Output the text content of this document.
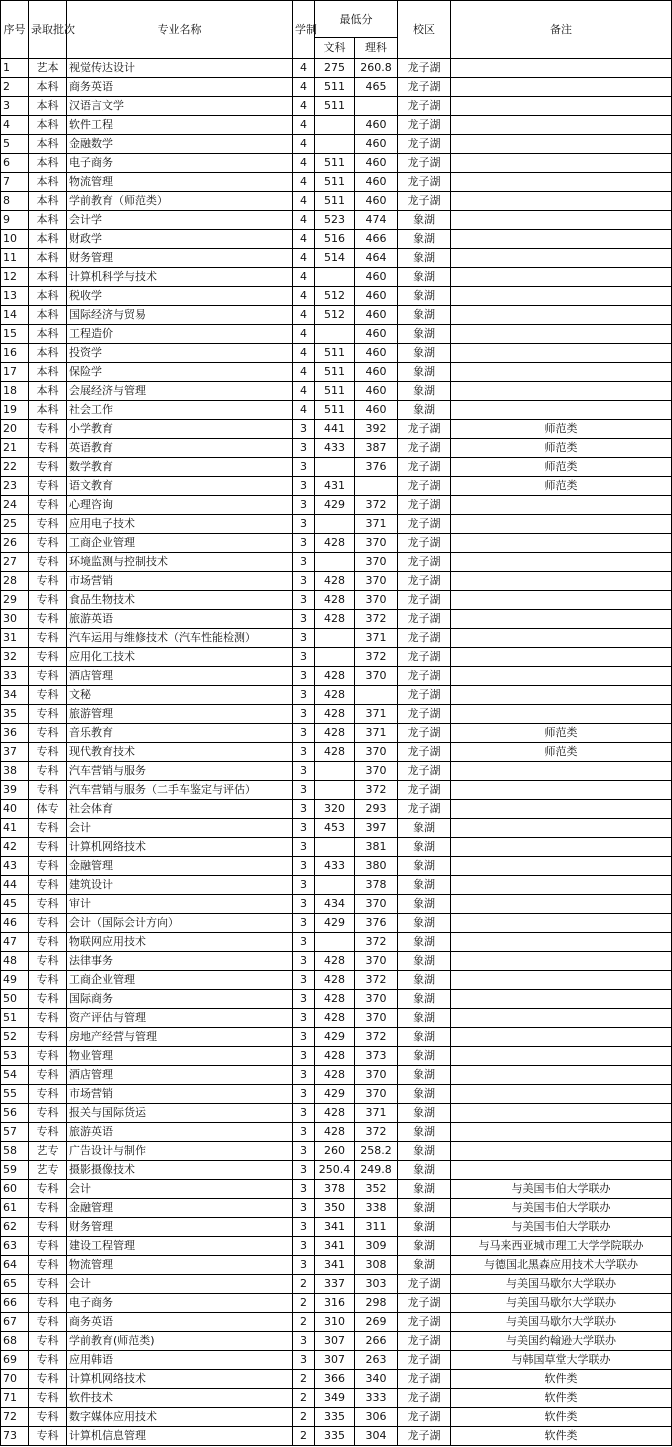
序号	录取批次	专业名称	学制	最低分		校区	备注
				文科	理科		
1	艺本	视觉传达设计	4	275	260.8	龙子湖	
2	本科	商务英语	4	511	465	龙子湖	
3	本科	汉语言文学	4	511		龙子湖	
4	本科	软件工程	4		460	龙子湖	
5	本科	金融数学	4		460	龙子湖	
6	本科	电子商务	4	511	460	龙子湖	
7	本科	物流管理	4	511	460	龙子湖	
8	本科	学前教育（师范类）	4	511	460	龙子湖	
9	本科	会计学	4	523	474	象湖	
10	本科	财政学	4	516	466	象湖	
11	本科	财务管理	4	514	464	象湖	
12	本科	计算机科学与技术	4		460	象湖	
13	本科	税收学	4	512	460	象湖	
14	本科	国际经济与贸易	4	512	460	象湖	
15	本科	工程造价	4		460	象湖	
16	本科	投资学	4	511	460	象湖	
17	本科	保险学	4	511	460	象湖	
18	本科	会展经济与管理	4	511	460	象湖	
19	本科	社会工作	4	511	460	象湖	
20	专科	小学教育	3	441	392	龙子湖	师范类
21	专科	英语教育	3	433	387	龙子湖	师范类
22	专科	数学教育	3		376	龙子湖	师范类
23	专科	语文教育	3	431		龙子湖	师范类
24	专科	心理咨询	3	429	372	龙子湖	
25	专科	应用电子技术	3		371	龙子湖	
26	专科	工商企业管理	3	428	370	龙子湖	
27	专科	环境监测与控制技术	3		370	龙子湖	
28	专科	市场营销	3	428	370	龙子湖	
29	专科	食品生物技术	3	428	370	龙子湖	
30	专科	旅游英语	3	428	372	龙子湖	
31	专科	汽车运用与维修技术（汽车性能检测）	3		371	龙子湖	
32	专科	应用化工技术	3		372	龙子湖	
33	专科	酒店管理	3	428	370	龙子湖	
34	专科	文秘	3	428		龙子湖	
35	专科	旅游管理	3	428	371	龙子湖	
36	专科	音乐教育	3	428	371	龙子湖	师范类
37	专科	现代教育技术	3	428	370	龙子湖	师范类
38	专科	汽车营销与服务	3		370	龙子湖	
39	专科	汽车营销与服务（二手车鉴定与评估）	3		372	龙子湖	
40	体专	社会体育	3	320	293	龙子湖	
41	专科	会计	3	453	397	象湖	
42	专科	计算机网络技术	3		381	象湖	
43	专科	金融管理	3	433	380	象湖	
44	专科	建筑设计	3		378	象湖	
45	专科	审计	3	434	370	象湖	
46	专科	会计（国际会计方向）	3	429	376	象湖	
47	专科	物联网应用技术	3		372	象湖	
48	专科	法律事务	3	428	370	象湖	
49	专科	工商企业管理	3	428	372	象湖	
50	专科	国际商务	3	428	370	象湖	
51	专科	资产评估与管理	3	428	370	象湖	
52	专科	房地产经营与管理	3	429	372	象湖	
53	专科	物业管理	3	428	373	象湖	
54	专科	酒店管理	3	428	370	象湖	
55	专科	市场营销	3	429	370	象湖	
56	专科	报关与国际货运	3	428	371	象湖	
57	专科	旅游英语	3	428	372	象湖	
58	艺专	广告设计与制作	3	260	258.2	象湖	
59	艺专	摄影摄像技术	3	250.4	249.8	象湖	
60	专科	会计	3	378	352	象湖	与美国韦伯大学联办
61	专科	金融管理	3	350	338	象湖	与美国韦伯大学联办
62	专科	财务管理	3	341	311	象湖	与美国韦伯大学联办
63	专科	建设工程管理	3	341	309	象湖	与马来西亚城市理工大学学院联办
64	专科	物流管理	3	341	308	象湖	与德国北黑森应用技术大学联办
65	专科	会计	2	337	303	龙子湖	与美国马歇尔大学联办
66	专科	电子商务	2	316	298	龙子湖	与美国马歇尔大学联办
67	专科	商务英语	2	310	269	龙子湖	与美国马歇尔大学联办
68	专科	学前教育(师范类)	3	307	266	龙子湖	与美国约翰逊大学联办
69	专科	应用韩语	3	307	263	龙子湖	与韩国草堂大学联办
70	专科	计算机网络技术	2	366	340	龙子湖	软件类
71	专科	软件技术	2	349	333	龙子湖	软件类
72	专科	数字媒体应用技术	2	335	306	龙子湖	软件类
73	专科	计算机信息管理	2	335	304	龙子湖	软件类
